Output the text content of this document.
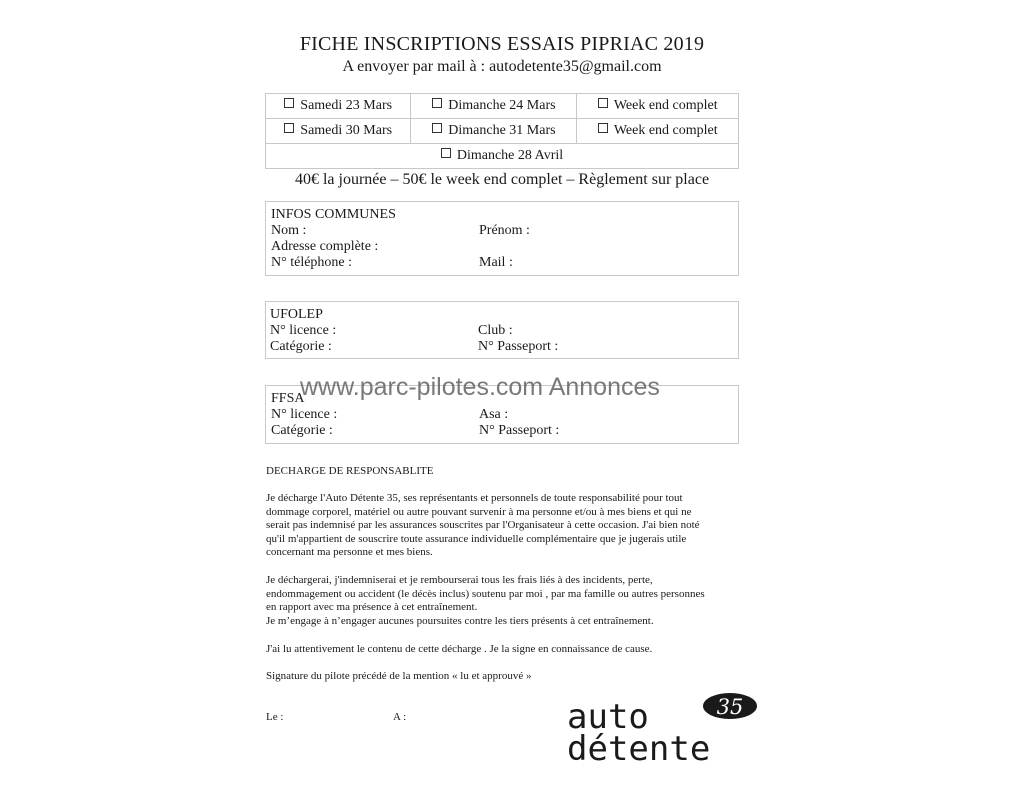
FICHE INSCRIPTIONS ESSAIS PIPRIAC 2019
A envoyer par mail à : autodetente35@gmail.com
Samedi 23 Mars	Dimanche 24 Mars	Week end complet
Samedi 30 Mars	Dimanche 31 Mars	Week end complet
Dimanche 28 Avril		
40€ la journée – 50€ le week end complet – Règlement sur place
INFOS COMMUNES
Nom :	Prénom :
Adresse complète :
N° téléphone :	Mail :
UFOLEP
N° licence :	Club :
Catégorie :	N° Passeport :
FFSA
N° licence :	Asa :
Catégorie :	N° Passeport :
www.parc-pilotes.com Annonces
DECHARGE DE RESPONSABLITE
Je décharge l'Auto Détente 35, ses représentants et personnels de toute responsabilité pour tout
dommage corporel, matériel ou autre pouvant survenir à ma personne et/ou à mes biens et qui ne
serait pas indemnisé par les assurances souscrites par l'Organisateur à cette occasion. J'ai bien noté
qu'il m'appartient de souscrire toute assurance individuelle complémentaire que je jugerais utile
concernant ma personne et mes biens.
Je déchargerai, j'indemniserai et je rembourserai tous les frais liés à des incidents, perte,
endommagement ou accident (le décès inclus) soutenu par moi , par ma famille ou autres personnes
en rapport avec ma présence à cet entraînement.
Je m’engage à n’engager aucunes poursuites contre les tiers présents à cet entraînement.
J'ai lu attentivement le contenu de cette décharge . Je la signe en connaissance de cause.
Signature du pilote précédé de la mention « lu et approuvé »
Le :	A :	35
auto
détente
